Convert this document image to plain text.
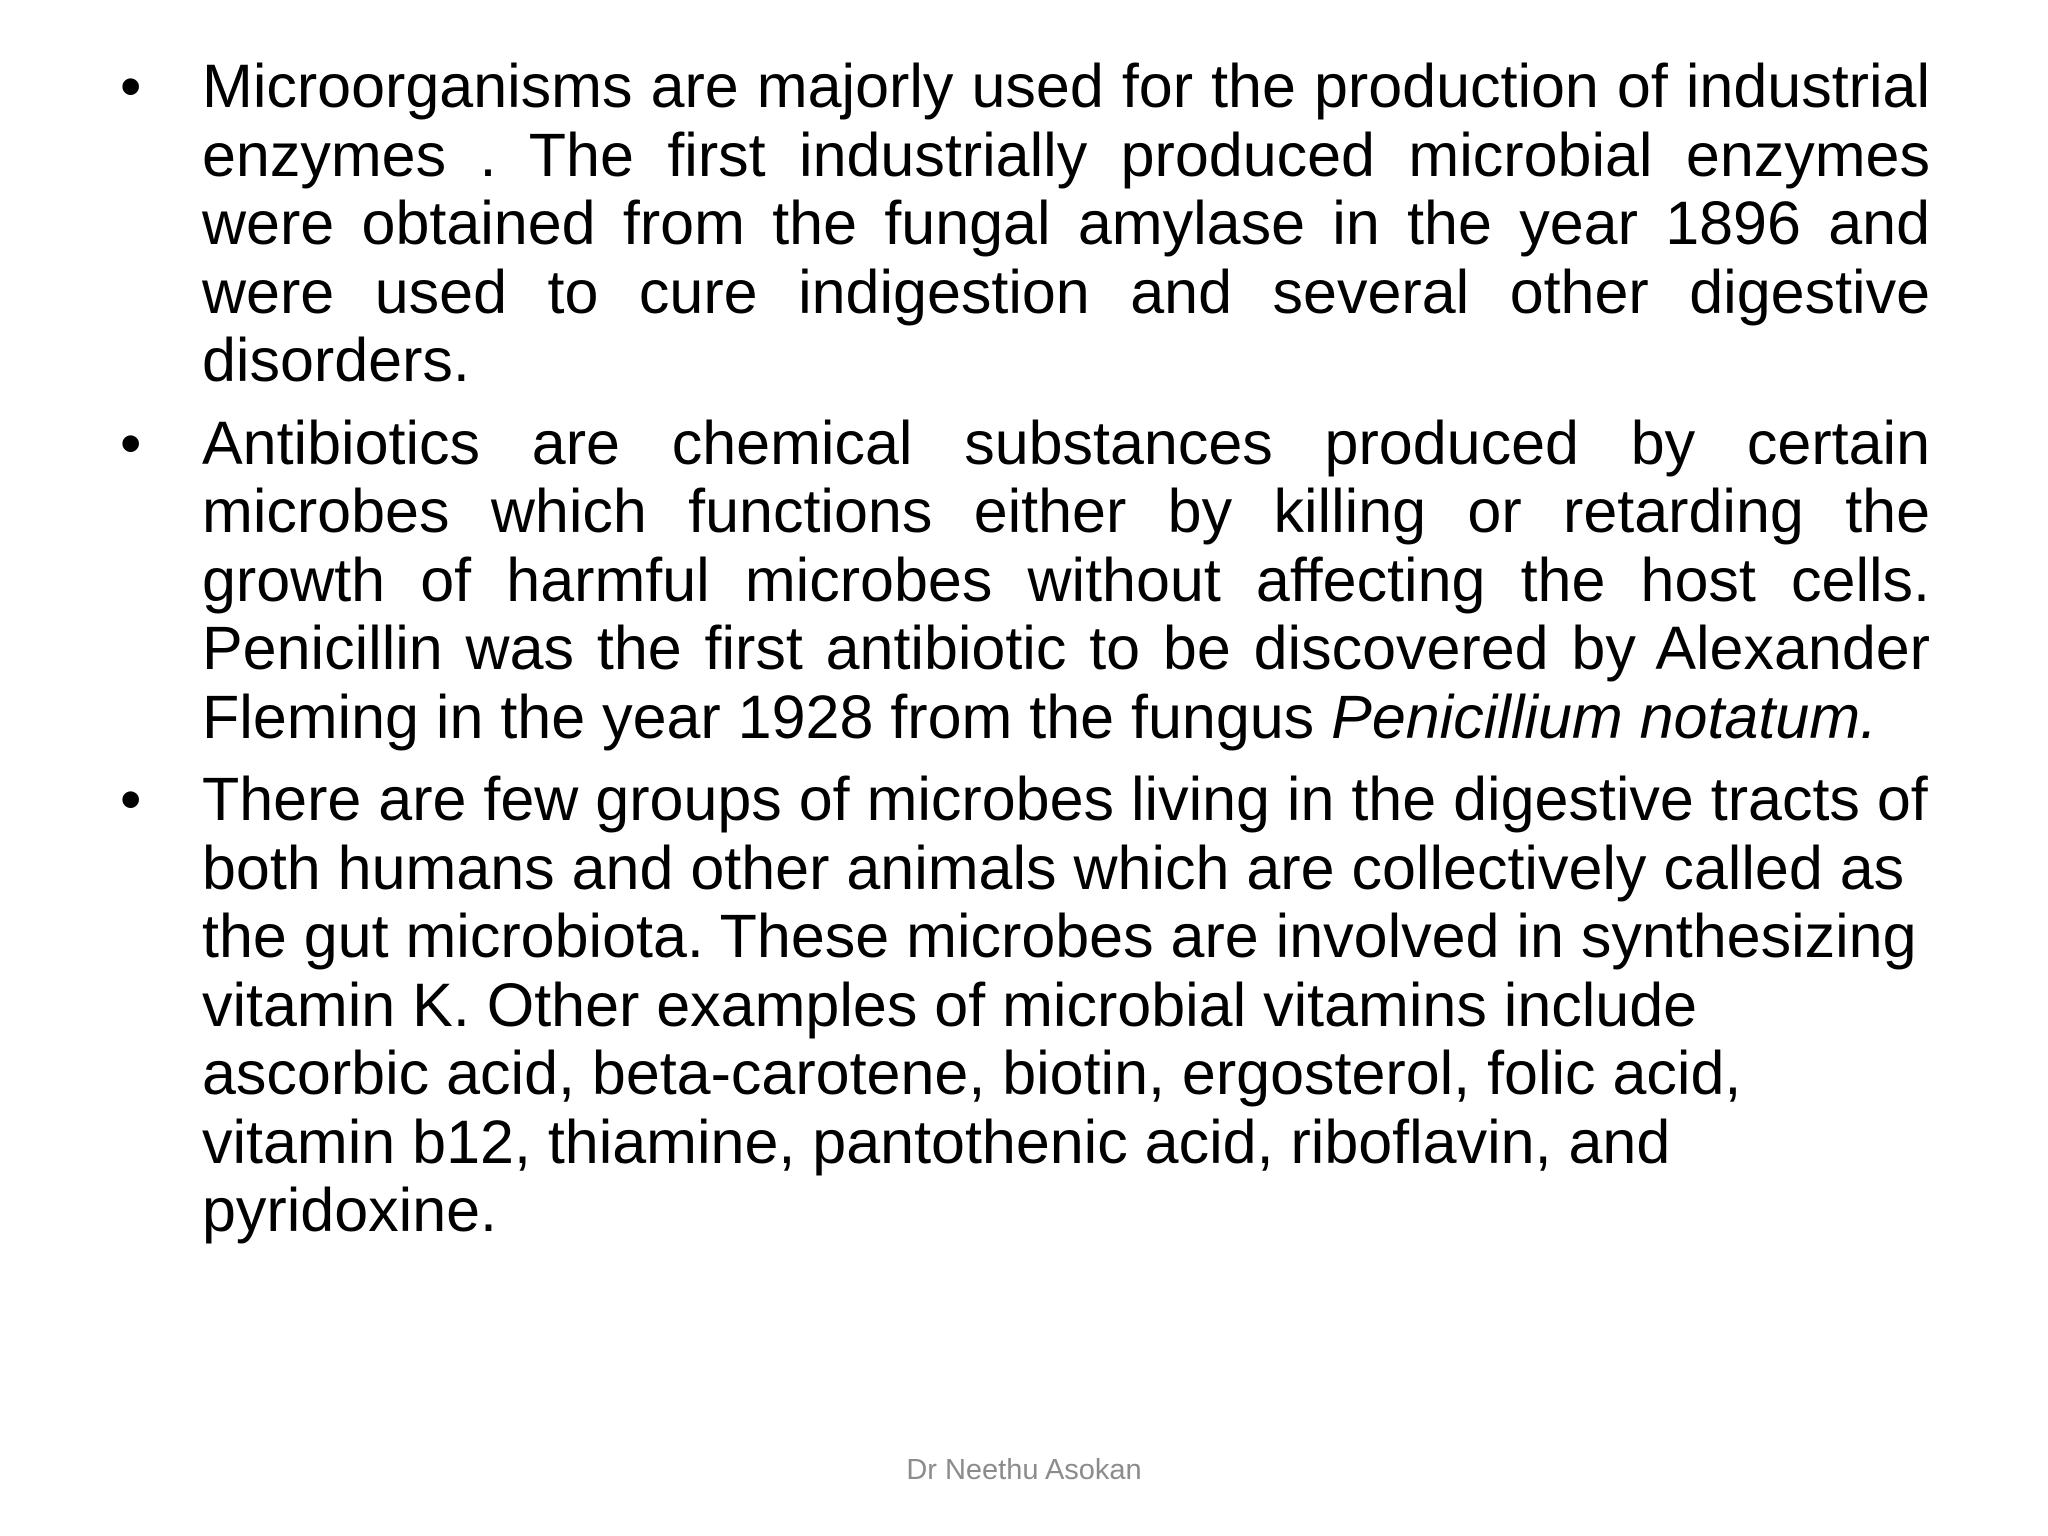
• Microorganisms are majorly used for the production of industrial enzymes . The first industrially produced microbial enzymes were obtained from the fungal amylase in the year 1896 and were used to cure indigestion and several other digestive disorders.
• Antibiotics are chemical substances produced by certain microbes which functions either by killing or retarding the growth of harmful microbes without affecting the host cells. Penicillin was the first antibiotic to be discovered by Alexander Fleming in the year 1928 from the fungus Penicillium notatum.
• There are few groups of microbes living in the digestive tracts of both humans and other animals which are collectively called as the gut microbiota. These microbes are involved in synthesizing vitamin K. Other examples of microbial vitamins include ascorbic acid, beta-carotene, biotin, ergosterol, folic acid, vitamin b12, thiamine, pantothenic acid, riboflavin, and pyridoxine.
Dr Neethu Asokan
